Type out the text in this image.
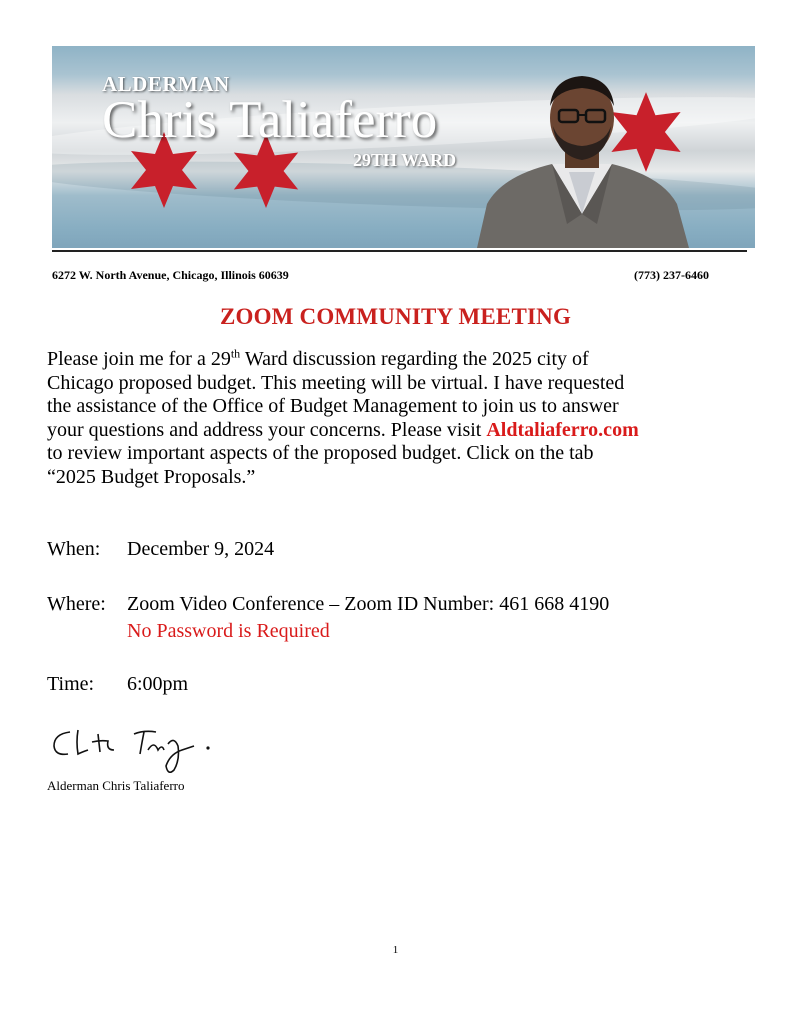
ALDERMAN
Chris Taliaferro
29TH WARD
6272 W. North Avenue, Chicago, Illinois 60639	(773) 237-6460
ZOOM COMMUNITY MEETING
Please join me for a 29th Ward discussion regarding the 2025 city of
Chicago proposed budget. This meeting will be virtual. I have requested
the assistance of the Office of Budget Management to join us to answer
your questions and address your concerns. Please visit Aldtaliaferro.com
to review important aspects of the proposed budget. Click on the tab
“2025 Budget Proposals.”
When: December 9, 2024
Where: Zoom Video Conference – Zoom ID Number: 461 668 4190
No Password is Required
Time: 6:00pm
Alderman Chris Taliaferro
1
